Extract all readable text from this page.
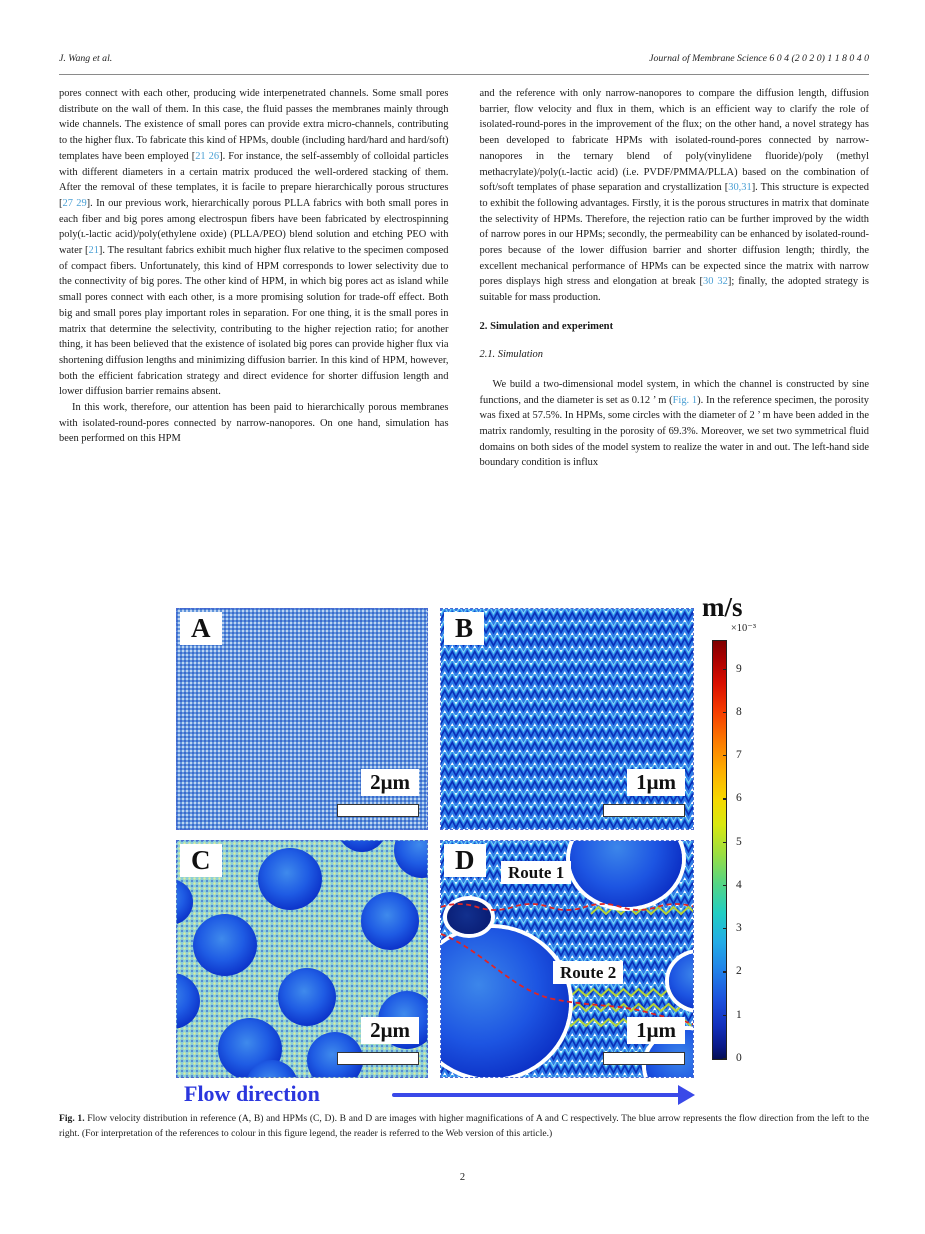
J. Wang et al.	Journal of Membrane Science 6 0 4 (2 0 2 0) 1 1 8 0 4 0

pores connect with each other, producing wide interpenetrated channels. Some small pores distribute on the wall of them. In this case, the fluid passes the membranes mainly through wide channels. The existence of small pores can provide extra micro-channels, contributing to the higher flux. To fabricate this kind of HPMs, double (including hard/hard and hard/soft) templates have been employed [21 26]. For instance, the self-assembly of colloidal particles with different diameters in a certain matrix produced the well-ordered stacking of them. After the removal of these templates, it is facile to prepare hierarchically porous structures [27 29]. In our previous work, hierarchically porous PLLA fabrics with both small pores in each fiber and big pores among electrospun fibers have been fabricated by electrospinning poly(ʟ-lactic acid)/poly(ethylene oxide) (PLLA/PEO) blend solution and etching PEO with water [21]. The resultant fabrics exhibit much higher flux relative to the specimen composed of compact fibers. Unfortunately, this kind of HPM corresponds to lower selectivity due to the connectivity of big pores. The other kind of HPM, in which big pores act as island while small pores connect with each other, is a more promising solution for trade-off effect. Both big and small pores play important roles in separation. For one thing, it is the small pores in matrix that determine the selectivity, contributing to the higher rejection ratio; for another thing, it has been believed that the existence of isolated big pores can provide higher flux via shortening diffusion lengths and minimizing diffusion barrier. In this kind of HPM, however, both the efficient fabrication strategy and direct evidence for shorter diffusion length and lower diffusion barrier remains absent.

In this work, therefore, our attention has been paid to hierarchically porous membranes with isolated-round-pores connected by narrow-nanopores. On one hand, simulation has been performed on this HPM

and the reference with only narrow-nanopores to compare the diffusion length, diffusion barrier, flow velocity and flux in them, which is an efficient way to clarify the role of isolated-round-pores in the improvement of the flux; on the other hand, a novel strategy has been developed to fabricate HPMs with isolated-round-pores connected by narrow-nanopores in the ternary blend of poly(vinylidene fluoride)/poly (methyl methacrylate)/poly(ʟ-lactic acid) (i.e. PVDF/PMMA/PLLA) based on the combination of soft/soft templates of phase separation and crystallization [30,31]. This structure is expected to exhibit the following advantages. Firstly, it is the porous structures in matrix that dominate the selectivity of HPMs. Therefore, the rejection ratio can be further improved by the width of narrow pores in our HPMs; secondly, the permeability can be enhanced by isolated-round-pores because of the lower diffusion barrier and shorter diffusion length; thirdly, the excellent mechanical performance of HPMs can be expected since the matrix with narrow pores displays high stress and elongation at break [30 32]; finally, the adopted strategy is suitable for mass production.

2. Simulation and experiment
2.1. Simulation

We build a two-dimensional model system, in which the channel is constructed by sine functions, and the diameter is set as 0.12 ’ m (Fig. 1). In the reference specimen, the porosity was fixed at 57.5%. In HPMs, some circles with the diameter of 2 ’ m have been added in the matrix randomly, resulting in the porosity of 69.3%. Moreover, we set two symmetrical fluid domains on both sides of the model system to realize the water in and out. The left-hand side boundary condition is influx

A
2μm
B
1μm
C
2μm
D	Route 1
Route 2
1μm
m/s
×10⁻³
9
8
7
6
5
4
3
2
1
0
Flow direction
Fig. 1. Flow velocity distribution in reference (A, B) and HPMs (C, D). B and D are images with higher magnifications of A and C respectively. The blue arrow represents the flow direction from the left to the right. (For interpretation of the references to colour in this figure legend, the reader is referred to the Web version of this article.)
2
